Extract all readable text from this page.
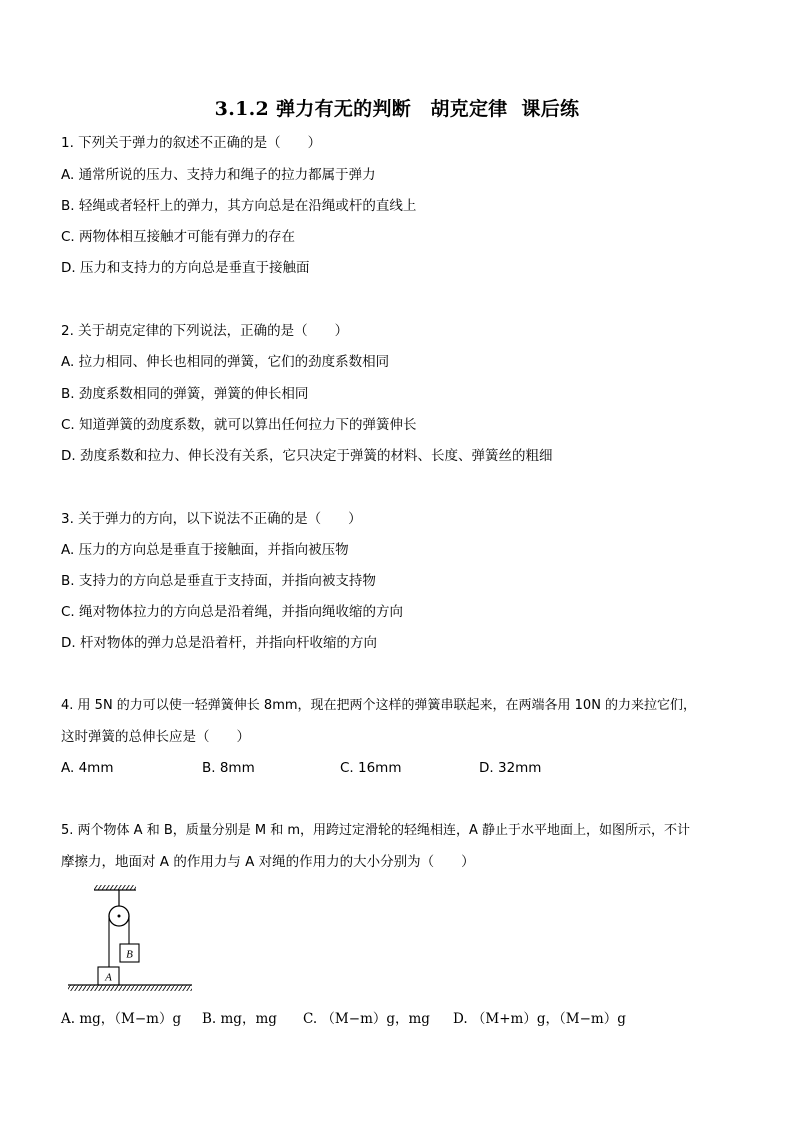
3.1.2 弹力有无的判断　胡克定律  课后练
1. 下列关于弹力的叙述不正确的是（　　）
A. 通常所说的压力、支持力和绳子的拉力都属于弹力
B. 轻绳或者轻杆上的弹力，其方向总是在沿绳或杆的直线上
C. 两物体相互接触才可能有弹力的存在
D. 压力和支持力的方向总是垂直于接触面
2. 关于胡克定律的下列说法，正确的是（　　）
A. 拉力相同、伸长也相同的弹簧，它们的劲度系数相同
B. 劲度系数相同的弹簧，弹簧的伸长相同
C. 知道弹簧的劲度系数，就可以算出任何拉力下的弹簧伸长
D. 劲度系数和拉力、伸长没有关系，它只决定于弹簧的材料、长度、弹簧丝的粗细
3. 关于弹力的方向，以下说法不正确的是（　　）
A. 压力的方向总是垂直于接触面，并指向被压物
B. 支持力的方向总是垂直于支持面，并指向被支持物
C. 绳对物体拉力的方向总是沿着绳，并指向绳收缩的方向
D. 杆对物体的弹力总是沿着杆，并指向杆收缩的方向
4. 用 5N 的力可以使一轻弹簧伸长 8mm，现在把两个这样的弹簧串联起来，在两端各用 10N 的力来拉它们，
这时弹簧的总伸长应是（　　）
A. 4mm	B. 8mm	C. 16mm	D. 32mm
5. 两个物体 A 和 B，质量分别是 M 和 m，用跨过定滑轮的轻绳相连，A 静止于水平地面上，如图所示，不计
摩擦力，地面对 A 的作用力与 A 对绳的作用力的大小分别为（　　）
B
A
A. mg，（M−m）g B. mg，mg C. （M−m）g，mg D. （M+m）g，（M−m）g
